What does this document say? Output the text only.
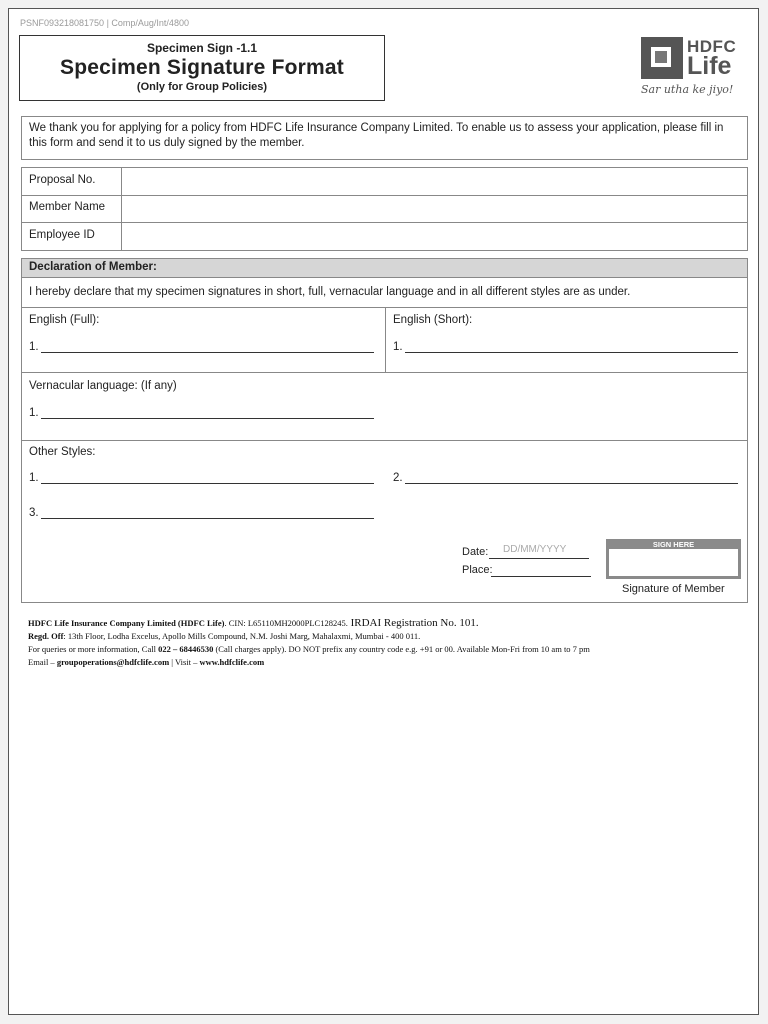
PSNF093218081750 | Comp/Aug/Int/4800
Specimen Sign -1.1
Specimen Signature Format
(Only for Group Policies)
HDFC
Life
Sar utha ke jiyo!
We thank you for applying for a policy from HDFC Life Insurance Company Limited. To enable us to assess your application, please fill in this form and send it to us duly signed by the member.
Proposal No.
Member Name
Employee ID
Declaration of Member:
I hereby declare that my specimen signatures in short, full, vernacular language and in all different styles are as under.
English (Full):
1.
English (Short):
1.
Vernacular language: (If any)
1.
Other Styles:
1.	2.
3.
Date: DD/MM/YYYY
Place:
SIGN HERE
Signature of Member
HDFC Life Insurance Company Limited (HDFC Life). CIN: L65110MH2000PLC128245. IRDAI Registration No. 101.
Regd. Off: 13th Floor, Lodha Excelus, Apollo Mills Compound, N.M. Joshi Marg, Mahalaxmi, Mumbai - 400 011.
For queries or more information, Call 022 – 68446530 (Call charges apply). DO NOT prefix any country code e.g. +91 or 00. Available Mon-Fri from 10 am to 7 pm
Email – groupoperations@hdfclife.com | Visit – www.hdfclife.com
